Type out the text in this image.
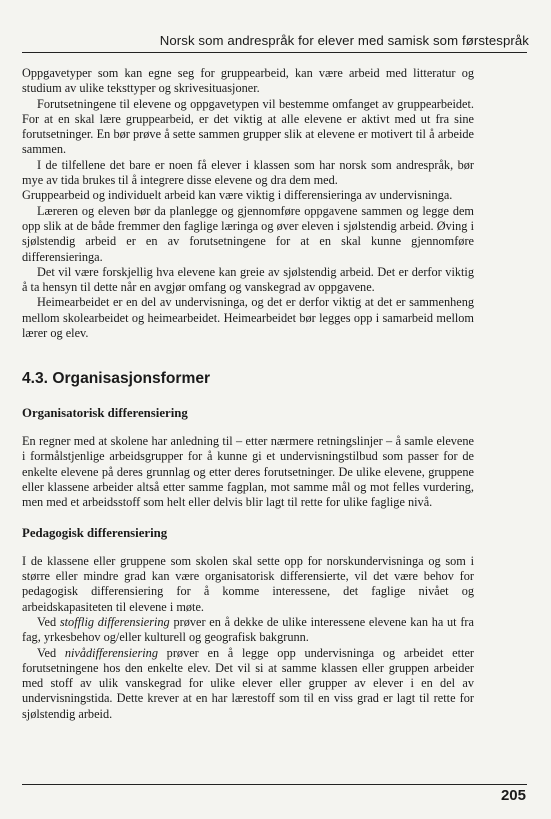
Norsk som andrespråk for elever med samisk som førstespråk

Oppgavetyper som kan egne seg for gruppearbeid, kan være arbeid med litteratur og studium av ulike teksttyper og skrivesituasjoner.

Forutsetningene til elevene og oppgavetypen vil bestemme omfanget av gruppearbeidet. For at en skal lære gruppearbeid, er det viktig at alle elevene er aktivt med ut fra sine forutsetninger. En bør prøve å sette sammen grupper slik at elevene er motivert til å arbeide sammen.

I de tilfellene det bare er noen få elever i klassen som har norsk som andrespråk, bør mye av tida brukes til å integrere disse elevene og dra dem med.

Gruppearbeid og individuelt arbeid kan være viktig i differensieringa av undervisninga.

Læreren og eleven bør da planlegge og gjennomføre oppgavene sammen og legge dem opp slik at de både fremmer den faglige læringa og øver eleven i sjølstendig arbeid. Øving i sjølstendig arbeid er en av forutsetningene for at en skal kunne gjennomføre differensieringa.

Det vil være forskjellig hva elevene kan greie av sjølstendig arbeid. Det er derfor viktig å ta hensyn til dette når en avgjør omfang og vanskegrad av oppgavene.

Heimearbeidet er en del av undervisninga, og det er derfor viktig at det er sammenheng mellom skolearbeidet og heimearbeidet. Heimearbeidet bør legges opp i samarbeid mellom lærer og elev.

4.3. Organisasjonsformer
Organisatorisk differensiering

En regner med at skolene har anledning til – etter nærmere retningslinjer – å samle elevene i formålstjenlige arbeidsgrupper for å kunne gi et undervisningstilbud som passer for de enkelte elevene på deres grunnlag og etter deres forutsetninger. De ulike elevene, gruppene eller klassene arbeider altså etter samme fagplan, mot samme mål og mot felles vurdering, men med et arbeidsstoff som helt eller delvis blir lagt til rette for ulike faglige nivå.

Pedagogisk differensiering

I de klassene eller gruppene som skolen skal sette opp for norskundervisninga og som i større eller mindre grad kan være organisatorisk differensierte, vil det være behov for pedagogisk differensiering for å komme interessene, det faglige nivået og arbeidskapasiteten til elevene i møte.

Ved stofflig differensiering prøver en å dekke de ulike interessene elevene kan ha ut fra fag, yrkesbehov og/eller kulturell og geografisk bakgrunn.

Ved nivådifferensiering prøver en å legge opp undervisninga og arbeidet etter forutsetningene hos den enkelte elev. Det vil si at samme klassen eller gruppen arbeider med stoff av ulik vanskegrad for ulike elever eller grupper av elever i en del av undervisningstida. Dette krever at en har lærestoff som til en viss grad er lagt til rette for sjølstendig arbeid.

205
